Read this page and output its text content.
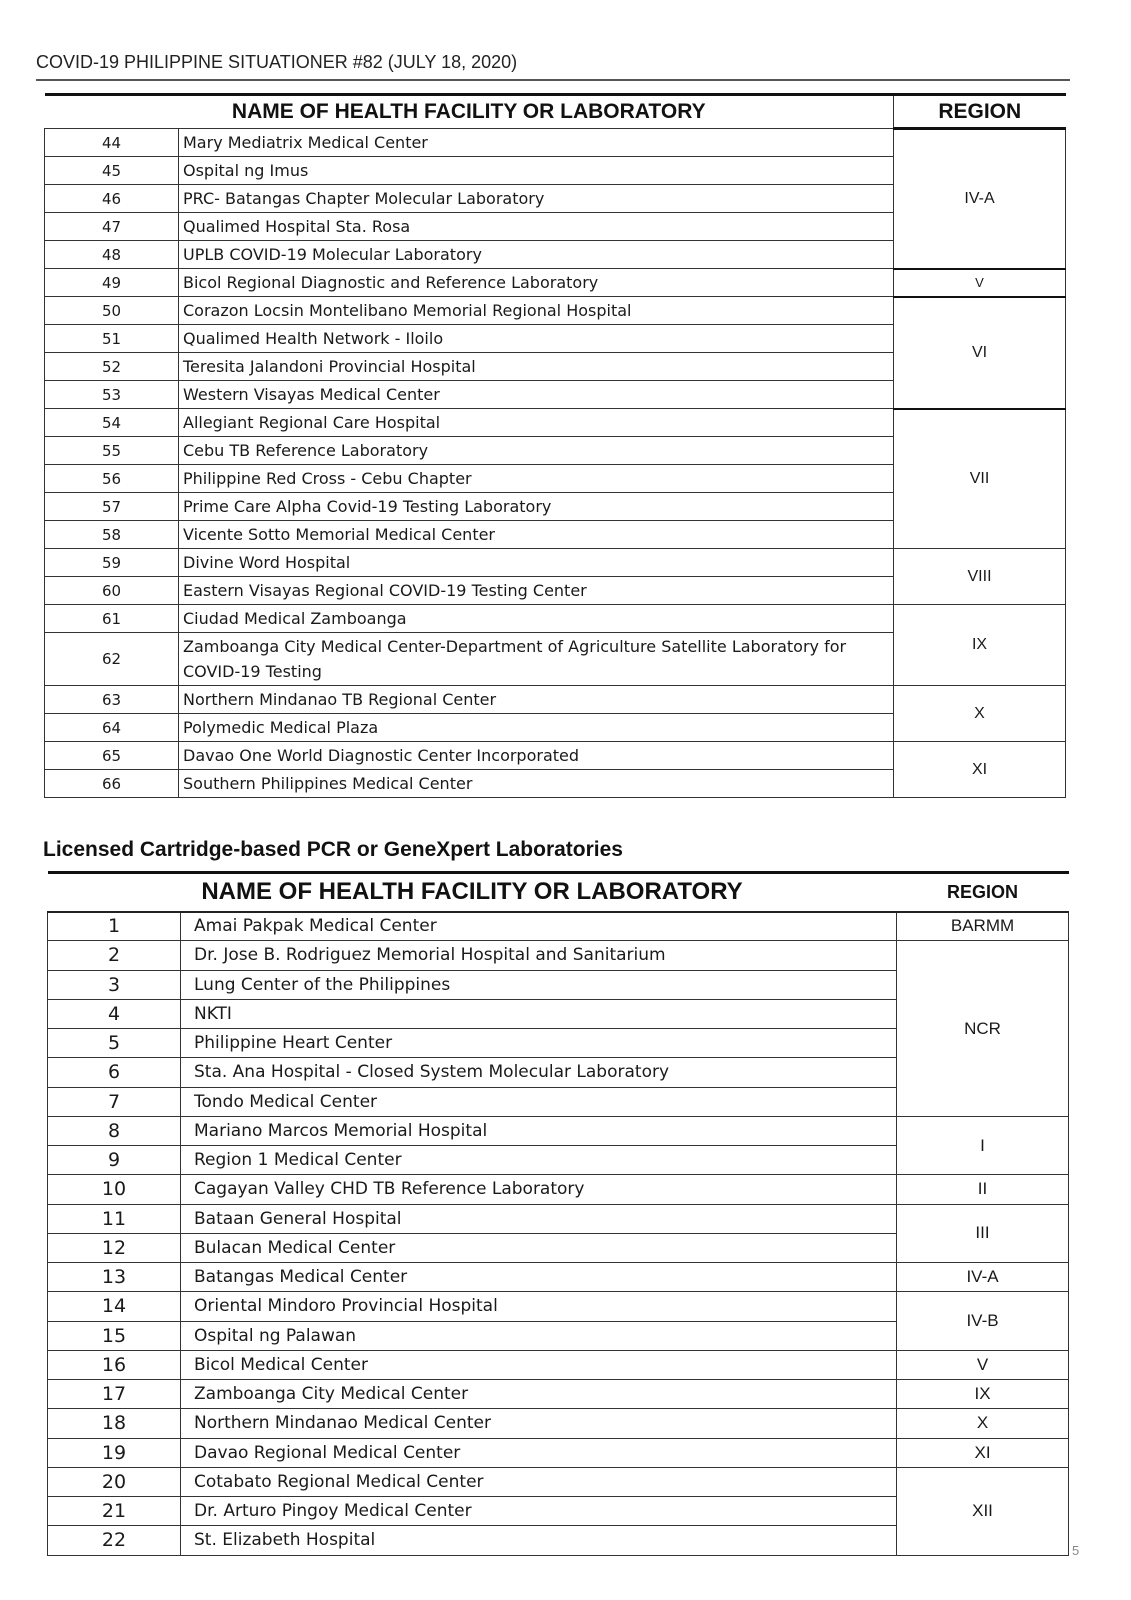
COVID-19 PHILIPPINE SITUATIONER #82 (JULY 18, 2020)
NAME OF HEALTH FACILITY OR LABORATORY		REGION
44	Mary Mediatrix Medical Center	IV-A
45	Ospital ng Imus	
46	PRC- Batangas Chapter Molecular Laboratory	
47	Qualimed Hospital Sta. Rosa	
48	UPLB COVID-19 Molecular Laboratory	
49	Bicol Regional Diagnostic and Reference Laboratory	V
50	Corazon Locsin Montelibano Memorial Regional Hospital	VI
51	Qualimed Health Network - Iloilo	
52	Teresita Jalandoni Provincial Hospital	
53	Western Visayas Medical Center	
54	Allegiant Regional Care Hospital	VII
55	Cebu TB Reference Laboratory	
56	Philippine Red Cross - Cebu Chapter	
57	Prime Care Alpha Covid-19 Testing Laboratory	
58	Vicente Sotto Memorial Medical Center	
59	Divine Word Hospital	VIII
60	Eastern Visayas Regional COVID-19 Testing Center	
61	Ciudad Medical Zamboanga	IX
62	Zamboanga City Medical Center-Department of Agriculture Satellite Laboratory for COVID-19 Testing	
63	Northern Mindanao TB Regional Center	X
64	Polymedic Medical Plaza	
65	Davao One World Diagnostic Center Incorporated	XI
66	Southern Philippines Medical Center	
Licensed Cartridge-based PCR or GeneXpert Laboratories
NAME OF HEALTH FACILITY OR LABORATORY		REGION
1	Amai Pakpak Medical Center	BARMM
2	Dr. Jose B. Rodriguez Memorial Hospital and Sanitarium	NCR
3	Lung Center of the Philippines	
4	NKTI	
5	Philippine Heart Center	
6	Sta. Ana Hospital - Closed System Molecular Laboratory	
7	Tondo Medical Center	
8	Mariano Marcos Memorial Hospital	I
9	Region 1 Medical Center	
10	Cagayan Valley CHD TB Reference Laboratory	II
11	Bataan General Hospital	III
12	Bulacan Medical Center	
13	Batangas Medical Center	IV-A
14	Oriental Mindoro Provincial Hospital	IV-B
15	Ospital ng Palawan	
16	Bicol Medical Center	V
17	Zamboanga City Medical Center	IX
18	Northern Mindanao Medical Center	X
19	Davao Regional Medical Center	XI
20	Cotabato Regional Medical Center	XII
21	Dr. Arturo Pingoy Medical Center	
22	St. Elizabeth Hospital	
5
